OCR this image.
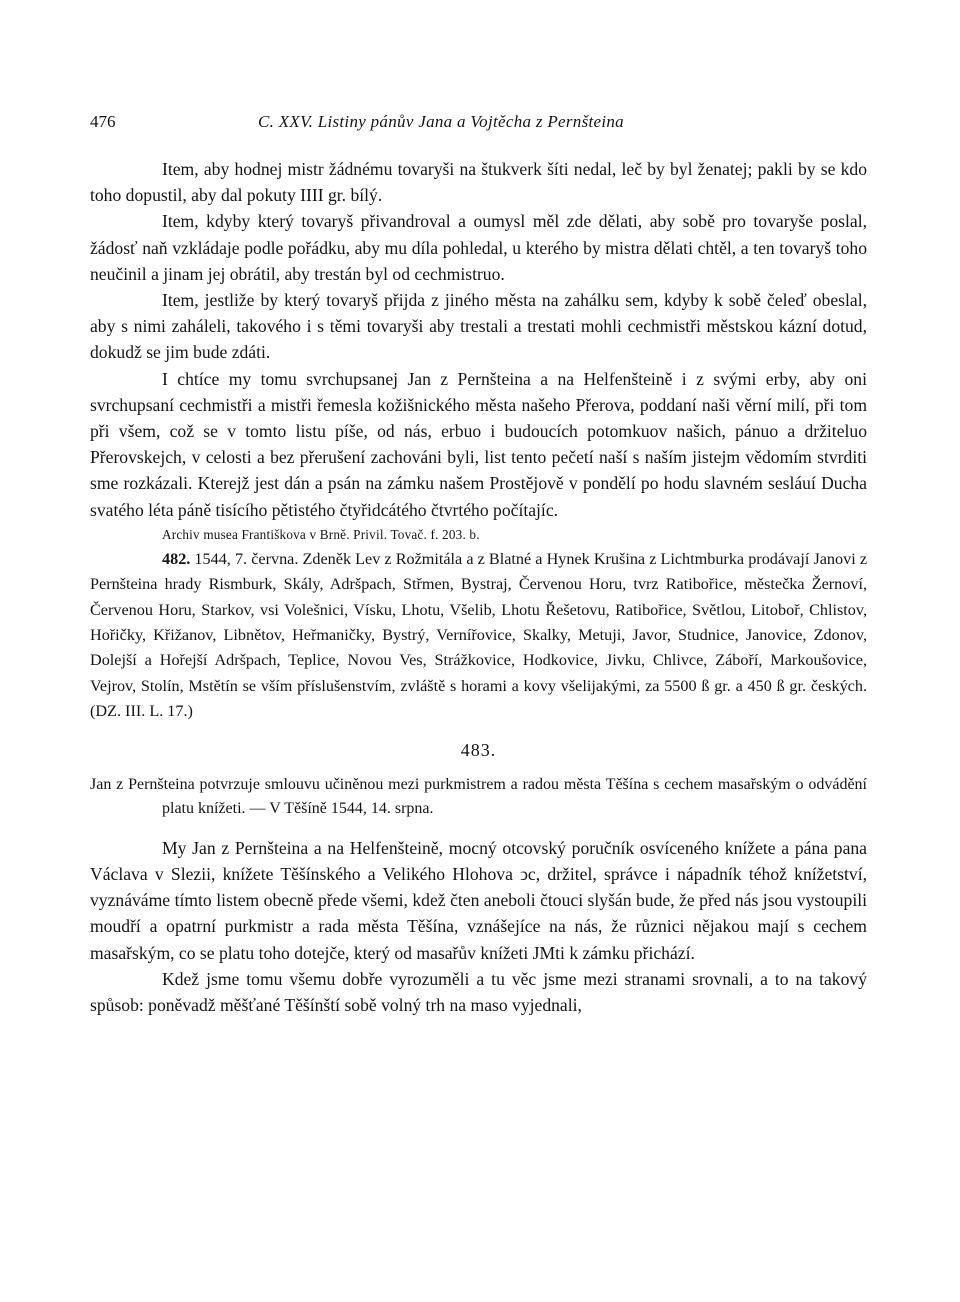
476	C. XXV. Listiny pánův Jana a Vojtěcha z Pernšteina

Item, aby hodnej mistr žádnému tovaryši na štukverk šíti nedal, leč by byl ženatej; pakli by se kdo toho dopustil, aby dal pokuty IIII gr. bílý.

Item, kdyby který tovaryš přivandroval a oumysl měl zde dělati, aby sobě pro tovaryše poslal, žádosť naň vzkládaje podle pořádku, aby mu díla pohledal, u kterého by mistra dělati chtěl, a ten tovaryš toho neučinil a jinam jej obrátil, aby trestán byl od cechmistruo.

Item, jestliže by který tovaryš přijda z jiného města na zahálku sem, kdyby k sobě čeleď obeslal, aby s nimi zaháleli, takového i s těmi tovaryši aby trestali a trestati mohli cechmistři městskou kázní dotud, dokudž se jim bude zdáti.

I chtíce my tomu svrchupsanej Jan z Pernšteina a na Helfenšteině i z svými erby, aby oni svrchupsaní cechmistři a mistři řemesla kožišnického města našeho Přerova, poddaní naši věrní milí, při tom při všem, což se v tomto listu píše, od nás, erbuo i budoucích potomkuov našich, pánuo a držiteluo Přerovskejch, v celosti a bez přerušení zachováni byli, list tento pečetí naší s naším jistejm vědomím stvrditi sme rozkázali. Kterejž jest dán a psán na zámku našem Prostějově v pondělí po hodu slavném sesláuí Ducha svatého léta páně tisícího pětistého čtyřidcátého čtvrtého počítajíc.

Archiv musea Františkova v Brně. Privil. Tovač. f. 203. b.

482. 1544, 7. června. Zdeněk Lev z Rožmitála a z Blatné a Hynek Krušina z Lichtmburka prodávají Janovi z Pernšteina hrady Rismburk, Skály, Adršpach, Střmen, Bystraj, Červenou Horu, tvrz Ratibořice, městečka Žernoví, Červenou Horu, Starkov, vsi Volešnici, Vísku, Lhotu, Všelib, Lhotu Řešetovu, Ratibořice, Světlou, Litoboř, Chlistov, Hořičky, Křižanov, Libnětov, Heřmaničky, Bystrý, Vernířovice, Skalky, Metuji, Javor, Studnice, Janovice, Zdonov, Dolejší a Hořejší Adršpach, Teplice, Novou Ves, Strážkovice, Hodkovice, Jivku, Chlivce, Záboří, Markoušovice, Vejrov, Stolín, Mstětín se vším příslušenstvím, zvláště s horami a kovy všelijakými, za 5500 ß gr. a 450 ß gr. českých. (DZ. III. L. 17.)

483.

Jan z Pernšteina potvrzuje smlouvu učiněnou mezi purkmistrem a radou města Těšína s cechem masařským o odvádění platu knížeti. — V Těšíně 1544, 14. srpna.

My Jan z Pernšteina a na Helfenšteině, mocný otcovský poručník osvíceného knížete a pána pana Václava v Slezii, knížete Těšínského a Velikého Hlohova ͻc, držitel, správce i nápadník téhož knížetství, vyznáváme tímto listem obecně přede všemi, kdež čten aneboli čtouci slyšán bude, že před nás jsou vystoupili moudří a opatrní purkmistr a rada města Těšína, vznášejíce na nás, že různici nějakou mají s cechem masařským, co se platu toho dotejče, který od masařův knížeti JMti k zámku přichází.

Kdež jsme tomu všemu dobře vyrozuměli a tu věc jsme mezi stranami srovnali, a to na takový spůsob: poněvadž měšťané Těšínští sobě volný trh na maso vyjednali,
